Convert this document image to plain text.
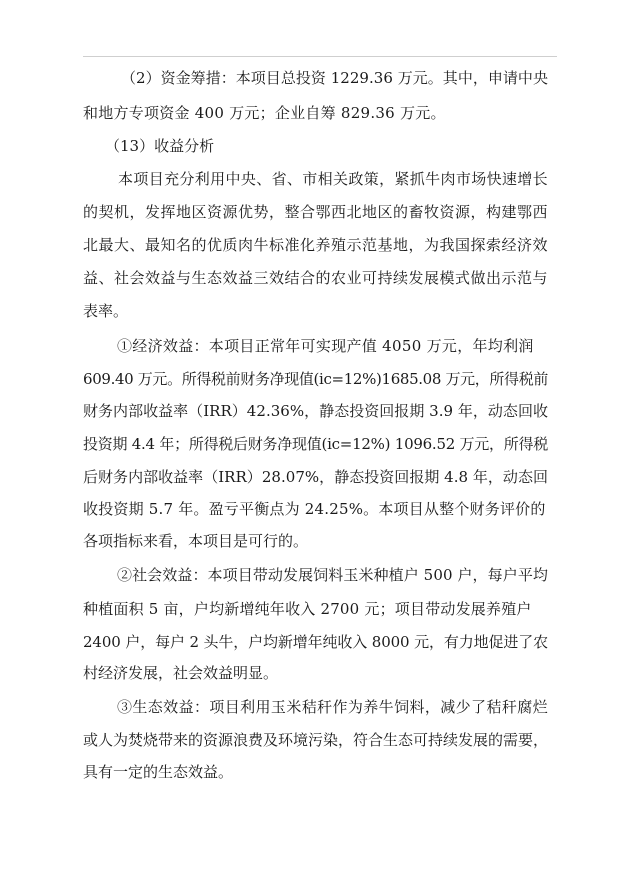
（2）资金筹措：本项目总投资 1229.36 万元。其中，申请中央
和地方专项资金 400 万元；企业自筹 829.36 万元。
（13）收益分析
本项目充分利用中央、省、市相关政策，紧抓牛肉市场快速增长
的契机，发挥地区资源优势，整合鄂西北地区的畜牧资源，构建鄂西
北最大、最知名的优质肉牛标准化养殖示范基地，为我国探索经济效
益、社会效益与生态效益三效结合的农业可持续发展模式做出示范与
表率。
①经济效益：本项目正常年可实现产值 4050 万元，年均利润
609.40 万元。所得税前财务净现值(ic=12%)1685.08 万元，所得税前
财务内部收益率（IRR）42.36%，静态投资回报期 3.9 年，动态回收
投资期 4.4 年；所得税后财务净现值(ic=12%) 1096.52 万元，所得税
后财务内部收益率（IRR）28.07%，静态投资回报期 4.8 年，动态回
收投资期 5.7 年。盈亏平衡点为 24.25%。本项目从整个财务评价的
各项指标来看，本项目是可行的。
②社会效益：本项目带动发展饲料玉米种植户 500 户，每户平均
种植面积 5 亩，户均新增纯年收入 2700 元；项目带动发展养殖户
2400 户，每户 2 头牛，户均新增年纯收入 8000 元，有力地促进了农
村经济发展，社会效益明显。
③生态效益：项目利用玉米秸秆作为养牛饲料，减少了秸秆腐烂
或人为焚烧带来的资源浪费及环境污染，符合生态可持续发展的需要，
具有一定的生态效益。
